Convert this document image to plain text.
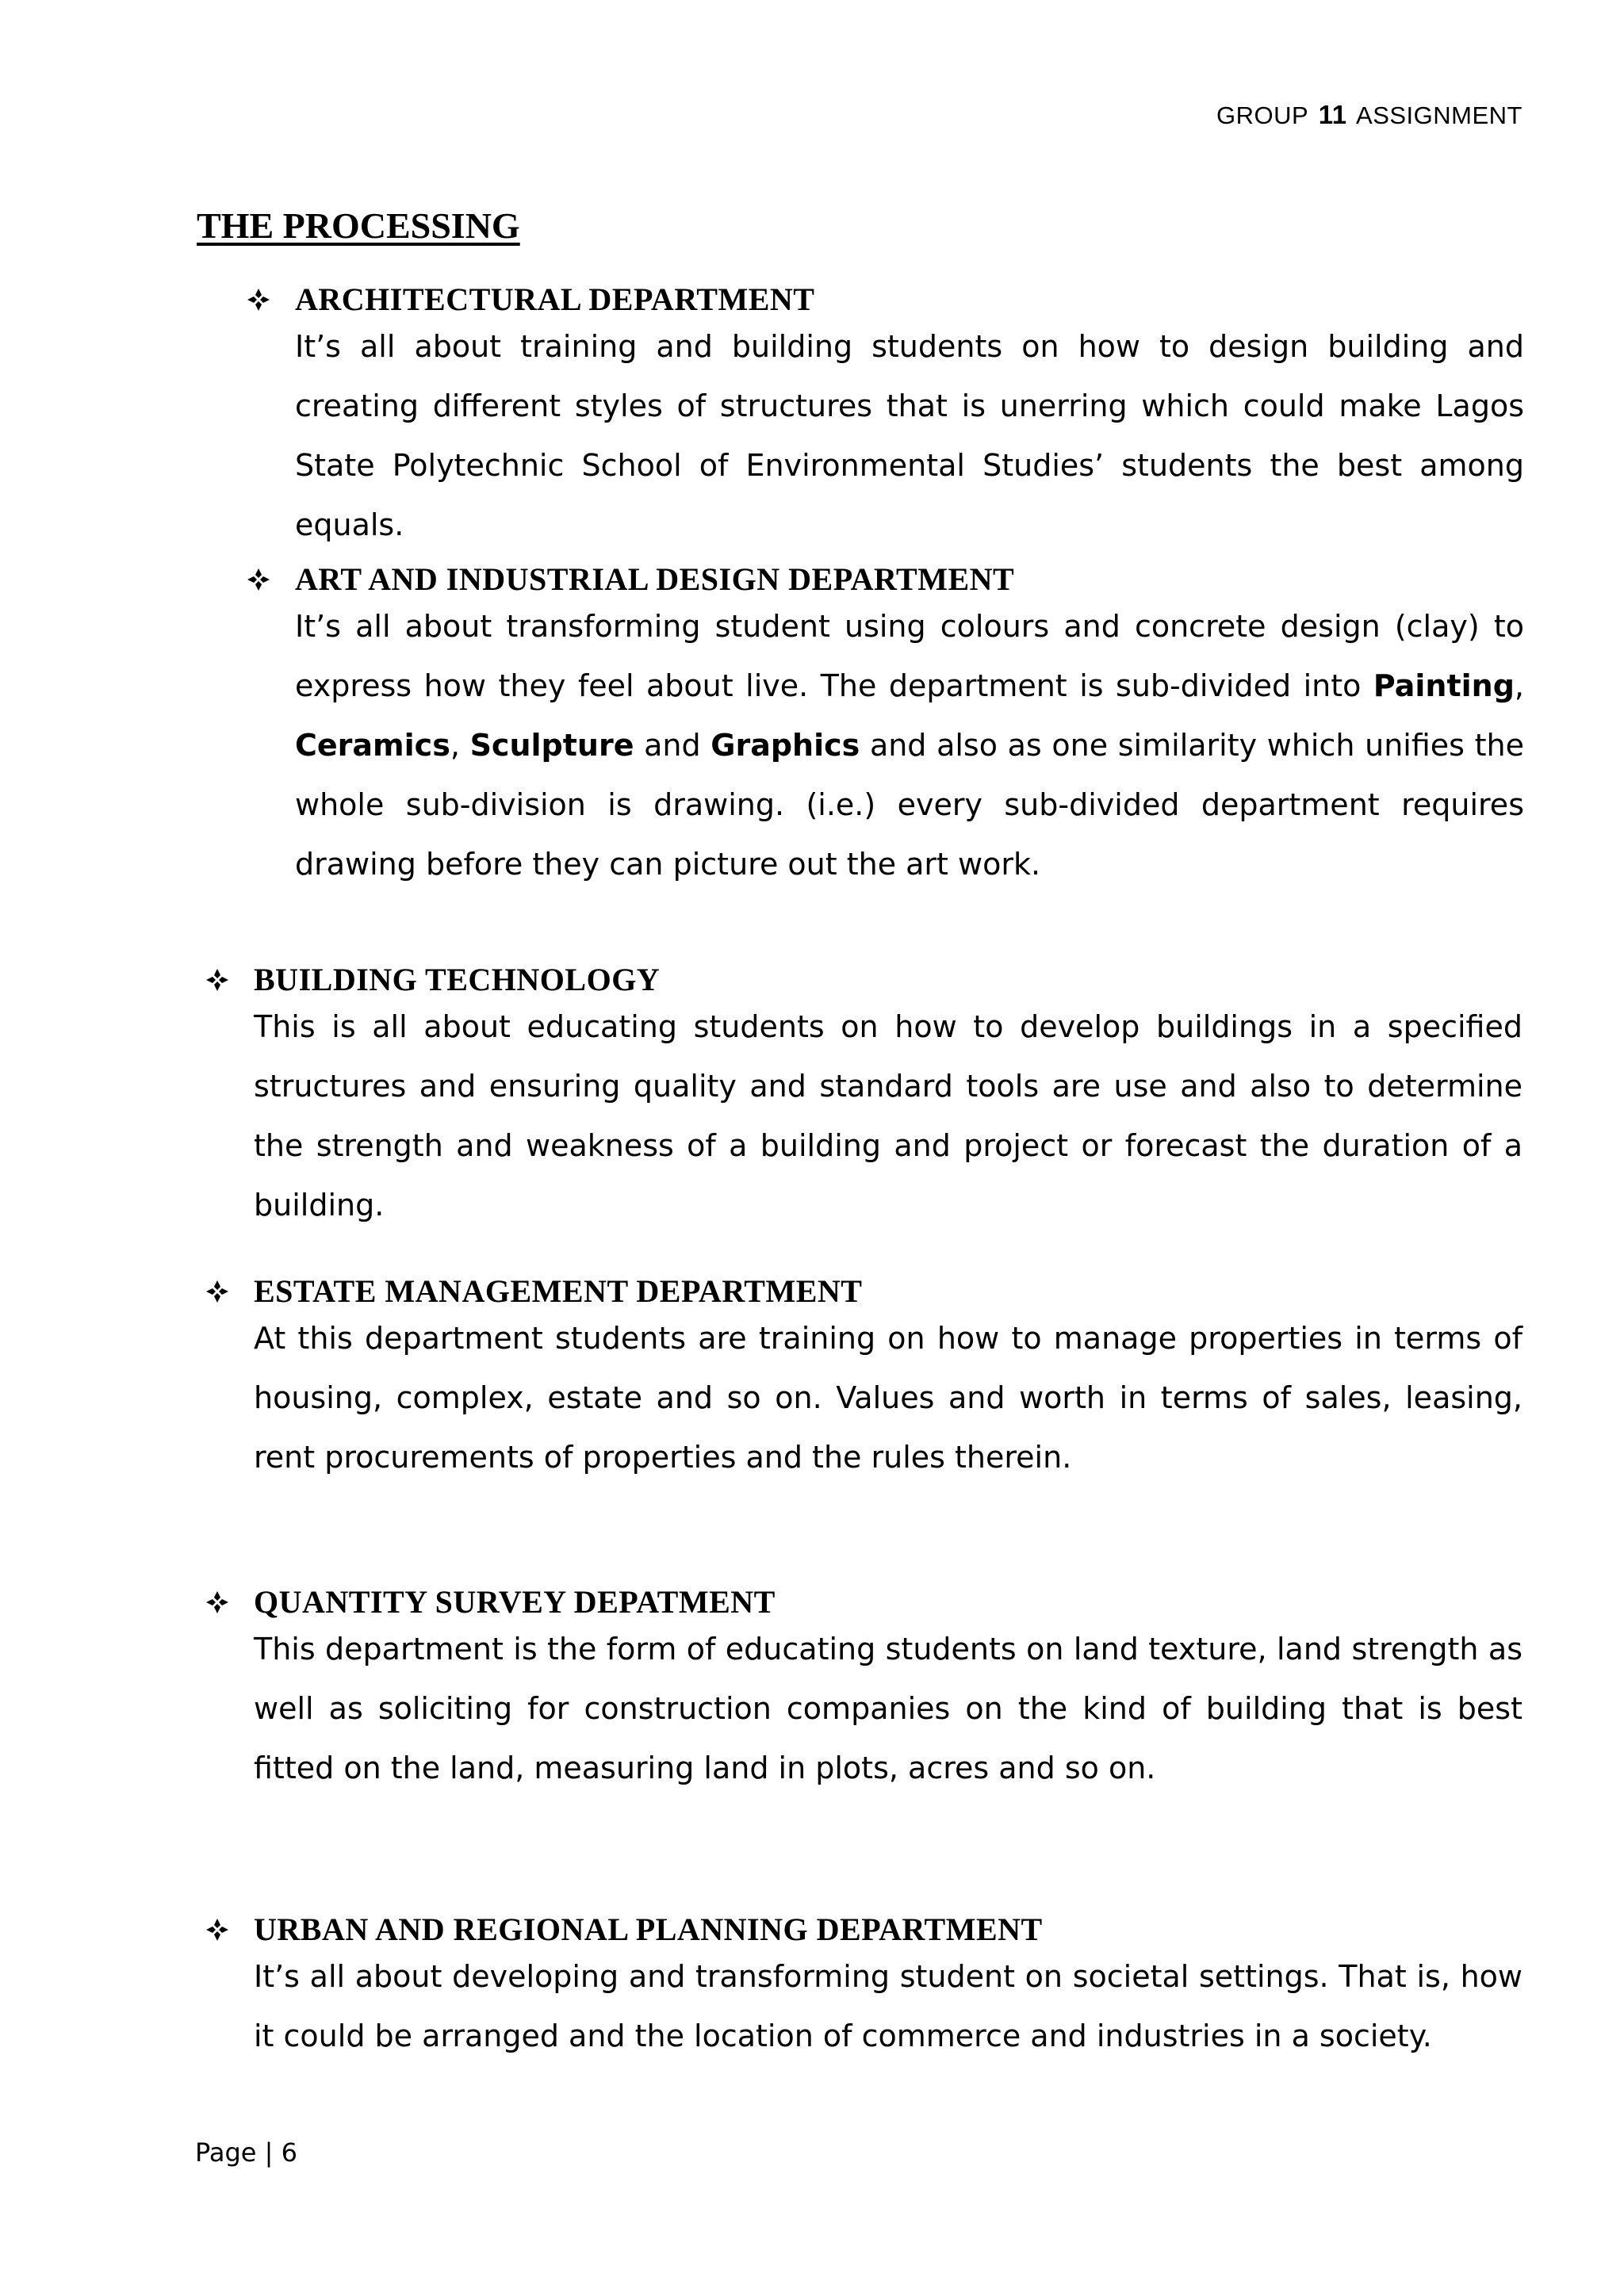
GROUP 11 ASSIGNMENT
THE PROCESSING
ARCHITECTURAL DEPARTMENT
It’s all about training and building students on how to design building and creating different styles of structures that is unerring which could make Lagos State Polytechnic School of Environmental Studies’ students the best among equals.
ART AND INDUSTRIAL DESIGN DEPARTMENT
It’s all about transforming student using colours and concrete design (clay) to express how they feel about live. The department is sub-divided into Painting, Ceramics, Sculpture and Graphics and also as one similarity which unifies the whole sub-division is drawing. (i.e.) every sub-divided department requires drawing before they can picture out the art work.
BUILDING TECHNOLOGY
This is all about educating students on how to develop buildings in a specified structures and ensuring quality and standard tools are use and also to determine the strength and weakness of a building and project or forecast the duration of a building.
ESTATE MANAGEMENT DEPARTMENT
At this department students are training on how to manage properties in terms of housing, complex, estate and so on. Values and worth in terms of sales, leasing, rent procurements of properties and the rules therein.
QUANTITY SURVEY DEPATMENT
This department is the form of educating students on land texture, land strength as well as soliciting for construction companies on the kind of building that is best fitted on the land, measuring land in plots, acres and so on.
URBAN AND REGIONAL PLANNING DEPARTMENT
It’s all about developing and transforming student on societal settings. That is, how it could be arranged and the location of commerce and industries in a society.
Page | 6
